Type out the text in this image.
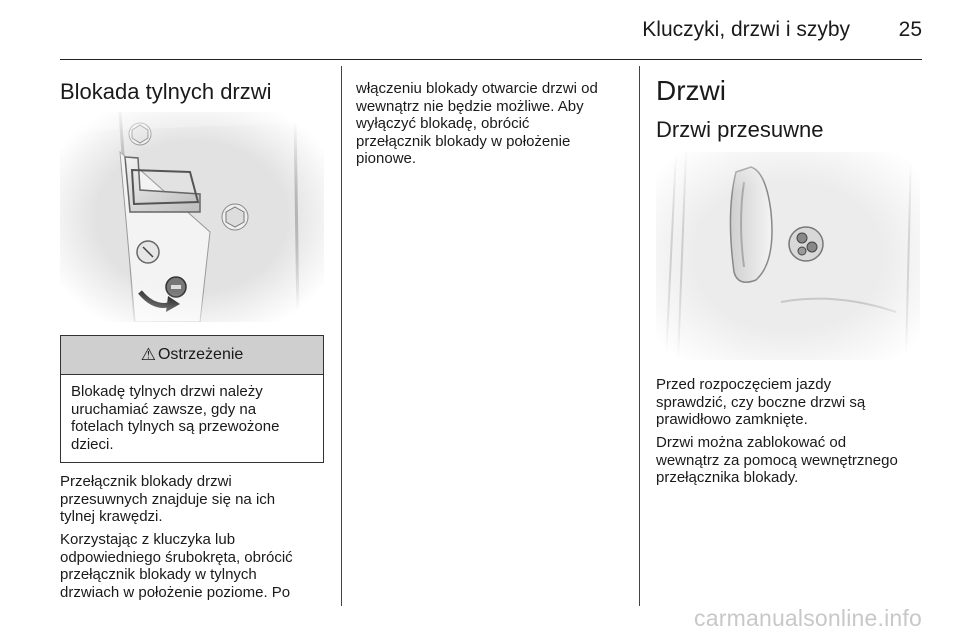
Kluczyki, drzwi i szyby 25
Blokada tylnych drzwi
⚠ Ostrzeżenie

Blokadę tylnych drzwi należy

uruchamiać zawsze, gdy na

fotelach tylnych są przewożone

dzieci.

Przełącznik blokady drzwi

przesuwnych znajduje się na ich

tylnej krawędzi.

Korzystając z kluczyka lub

odpowiedniego śrubokręta, obrócić

przełącznik blokady w tylnych

drzwiach w położenie poziome. Po

włączeniu blokady otwarcie drzwi od

wewnątrz nie będzie możliwe. Aby

wyłączyć blokadę, obrócić

przełącznik blokady w położenie

pionowe.

Drzwi
Drzwi przesuwne

Przed rozpoczęciem jazdy

sprawdzić, czy boczne drzwi są

prawidłowo zamknięte.

Drzwi można zablokować od

wewnątrz za pomocą wewnętrznego

przełącznika blokady.

carmanualsonline.info
